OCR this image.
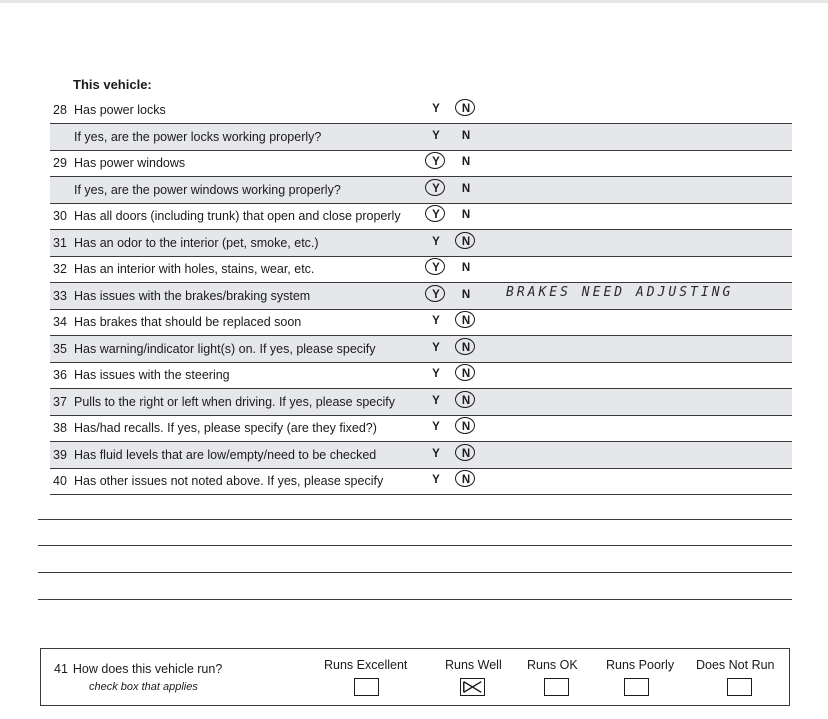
This vehicle:
28 Has power locks	Y N
If yes, are the power locks working properly?	Y N
29 Has power windows	Y N
If yes, are the power windows working properly?	Y N
30 Has all doors (including trunk) that open and close properly	Y N
31 Has an odor to the interior (pet, smoke, etc.)	Y N
32 Has an interior with holes, stains, wear, etc.	Y N
33 Has issues with the brakes/braking system	Y N	BRAKES NEED ADJUSTING
34 Has brakes that should be replaced soon	Y N
35 Has warning/indicator light(s) on. If yes, please specify	Y N
36 Has issues with the steering	Y N
37 Pulls to the right or left when driving. If yes, please specify	Y N
38 Has/had recalls. If yes, please specify (are they fixed?)	Y N
39 Has fluid levels that are low/empty/need to be checked	Y N
40 Has other issues not noted above. If yes, please specify	Y N
41 How does this vehicle run?
check box that applies
Runs Excellent	Runs Well Runs OK Runs Poorly Does Not Run
